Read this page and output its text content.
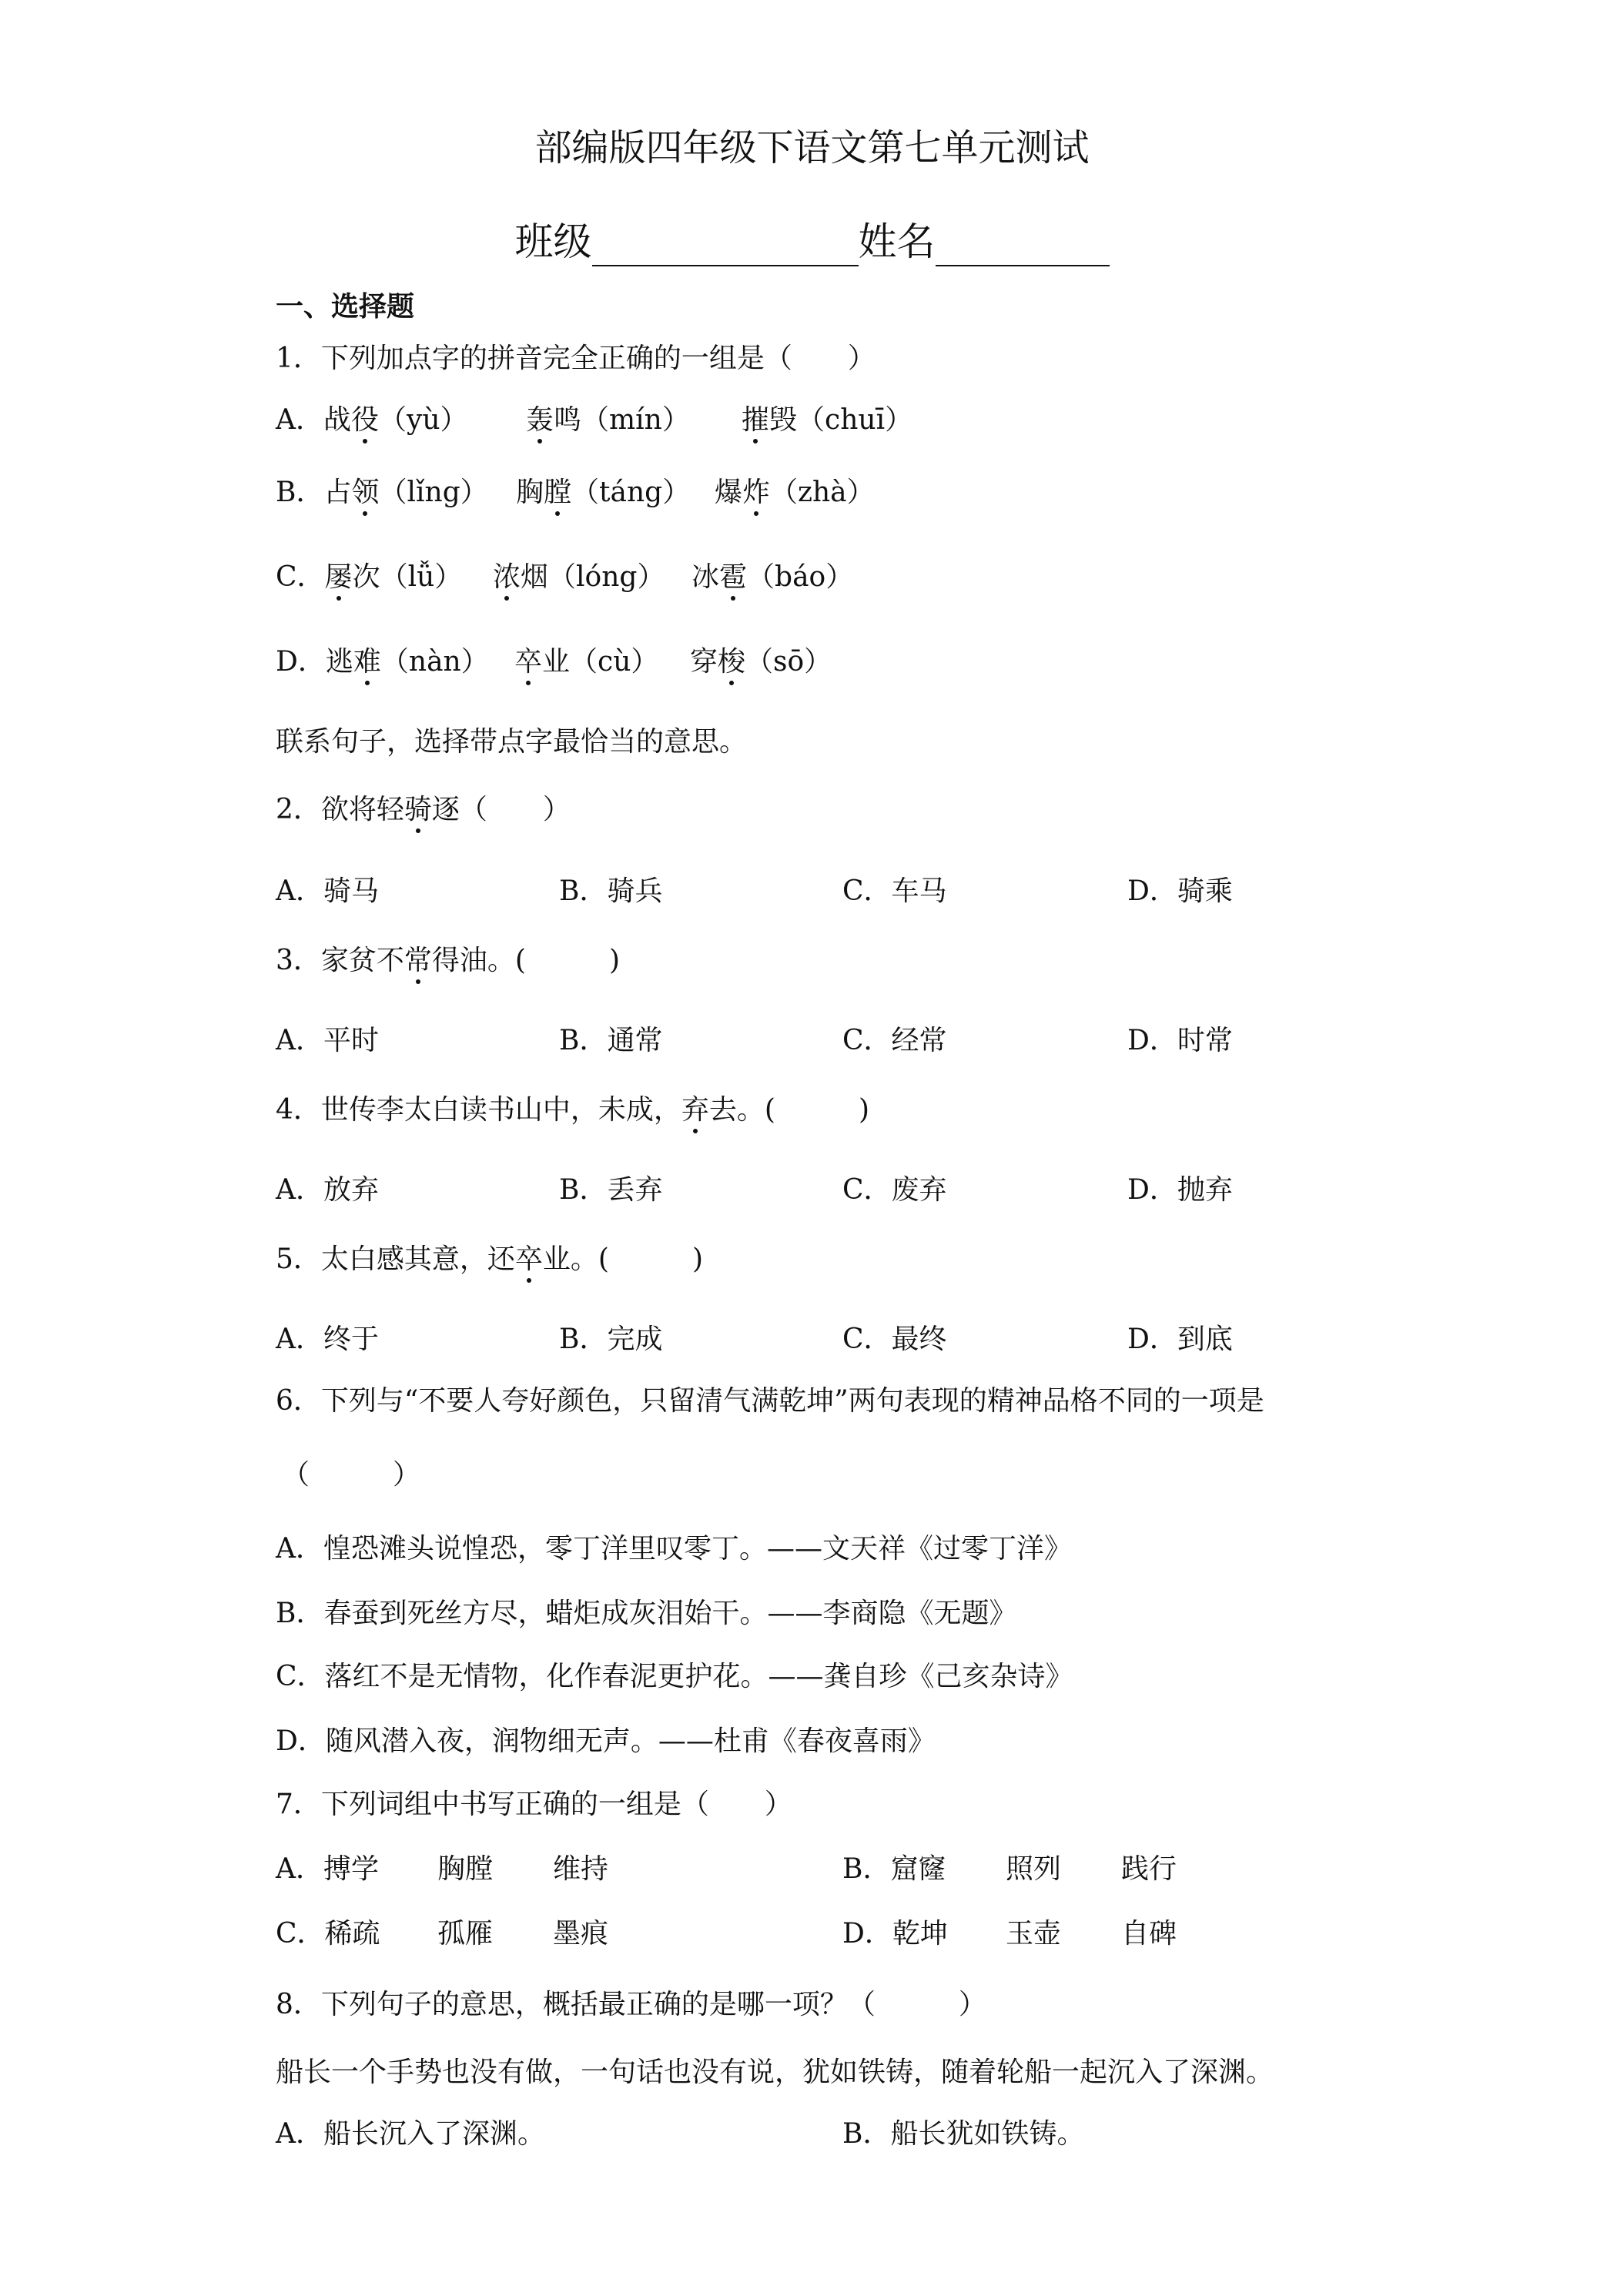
部编版四年级下语文第七单元测试
班级	姓名
一、选择题
1．下列加点字的拼音完全正确的一组是（　　）
A．战役（yù） 轰鸣（mín） 摧毁（chuī）
B．占领（lǐng） 胸膛（táng） 爆炸（zhà）
C．屡次（lǚ） 浓烟（lóng） 冰雹（báo）
D．逃难（nàn） 卒业（cù） 穿梭（sō）
联系句子，选择带点字最恰当的意思。
2．欲将轻骑逐（　　）
A．骑马	B．骑兵	C．车马	D．骑乘
3．家贫不常得油。(　　　)
A．平时	B．通常	C．经常	D．时常
4．世传李太白读书山中，未成，弃去。(　　　)
A．放弃	B．丢弃	C．废弃	D．抛弃
5．太白感其意，还卒业。(　　　)
A．终于	B．完成	C．最终	D．到底
6．下列与“不要人夸好颜色，只留清气满乾坤”两句表现的精神品格不同的一项是
（　　　）
A．惶恐滩头说惶恐，零丁洋里叹零丁。——文天祥《过零丁洋》
B．春蚕到死丝方尽，蜡炬成灰泪始干。——李商隐《无题》
C．落红不是无情物，化作春泥更护花。——龚自珍《己亥杂诗》
D．随风潜入夜，润物细无声。——杜甫《春夜喜雨》
7．下列词组中书写正确的一组是（　　）
A．搏学 胸膛 维持	B．窟窿 照列 践行
C．稀疏 孤雁 墨痕	D．乾坤 玉壶 自碑
8．下列句子的意思，概括最正确的是哪一项？（　　　）
船长一个手势也没有做，一句话也没有说，犹如铁铸，随着轮船一起沉入了深渊。
A．船长沉入了深渊。	B．船长犹如铁铸。
